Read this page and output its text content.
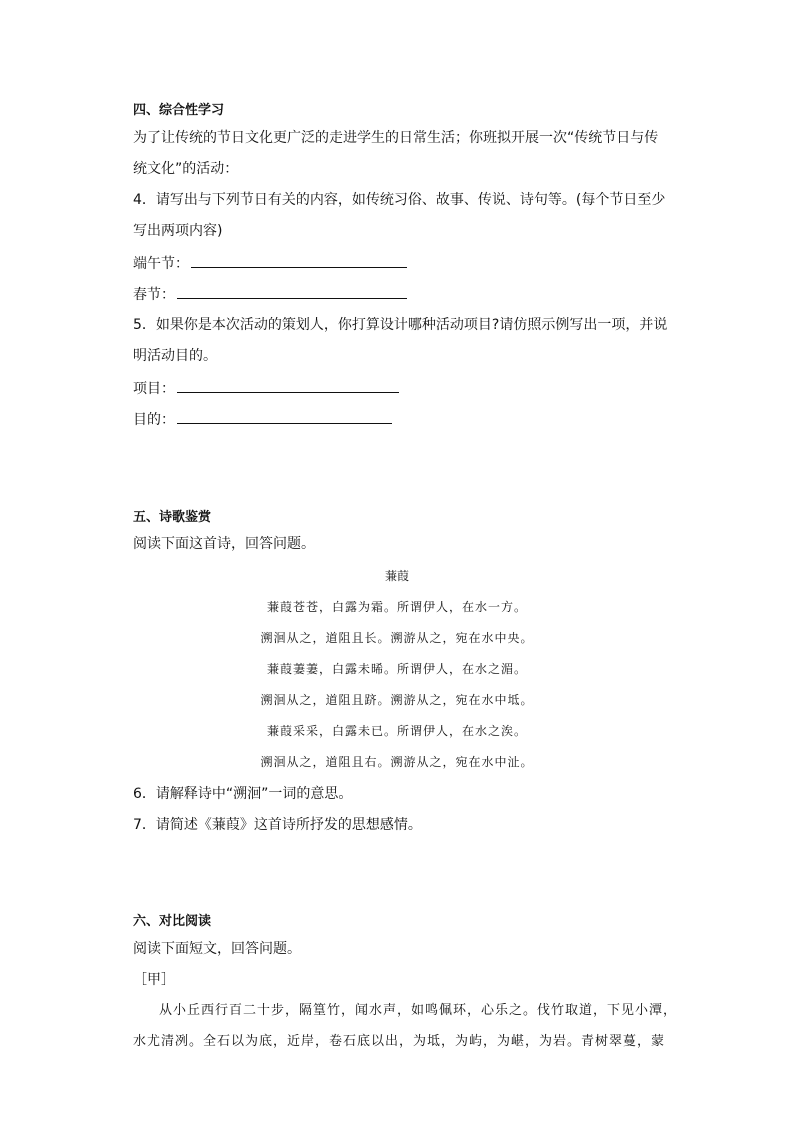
四、综合性学习
为了让传统的节日文化更广泛的走进学生的日常生活；你班拟开展一次“传统节日与传
统文化”的活动：
4．请写出与下列节日有关的内容，如传统习俗、故事、传说、诗句等。(每个节日至少
写出两项内容)
端午节：
春节：
5．如果你是本次活动的策划人，你打算设计哪种活动项目?请仿照示例写出一项，并说
明活动目的。
项目：
目的：
五、诗歌鉴赏
阅读下面这首诗，回答问题。
蒹葭
蒹葭苍苍，白露为霜。所谓伊人，在水一方。
溯洄从之，道阻且长。溯游从之，宛在水中央。
蒹葭萋萋，白露未晞。所谓伊人，在水之湄。
溯洄从之，道阻且跻。溯游从之，宛在水中坻。
蒹葭采采，白露未已。所谓伊人，在水之涘。
溯洄从之，道阻且右。溯游从之，宛在水中沚。
6．请解释诗中“溯洄”一词的意思。
7．请简述《蒹葭》这首诗所抒发的思想感情。
六、对比阅读
阅读下面短文，回答问题。
［甲］
从小丘西行百二十步，隔篁竹，闻水声，如鸣佩环，心乐之。伐竹取道，下见小潭，
水尤清冽。全石以为底，近岸，卷石底以出，为坻，为屿，为嵁，为岩。青树翠蔓，蒙
